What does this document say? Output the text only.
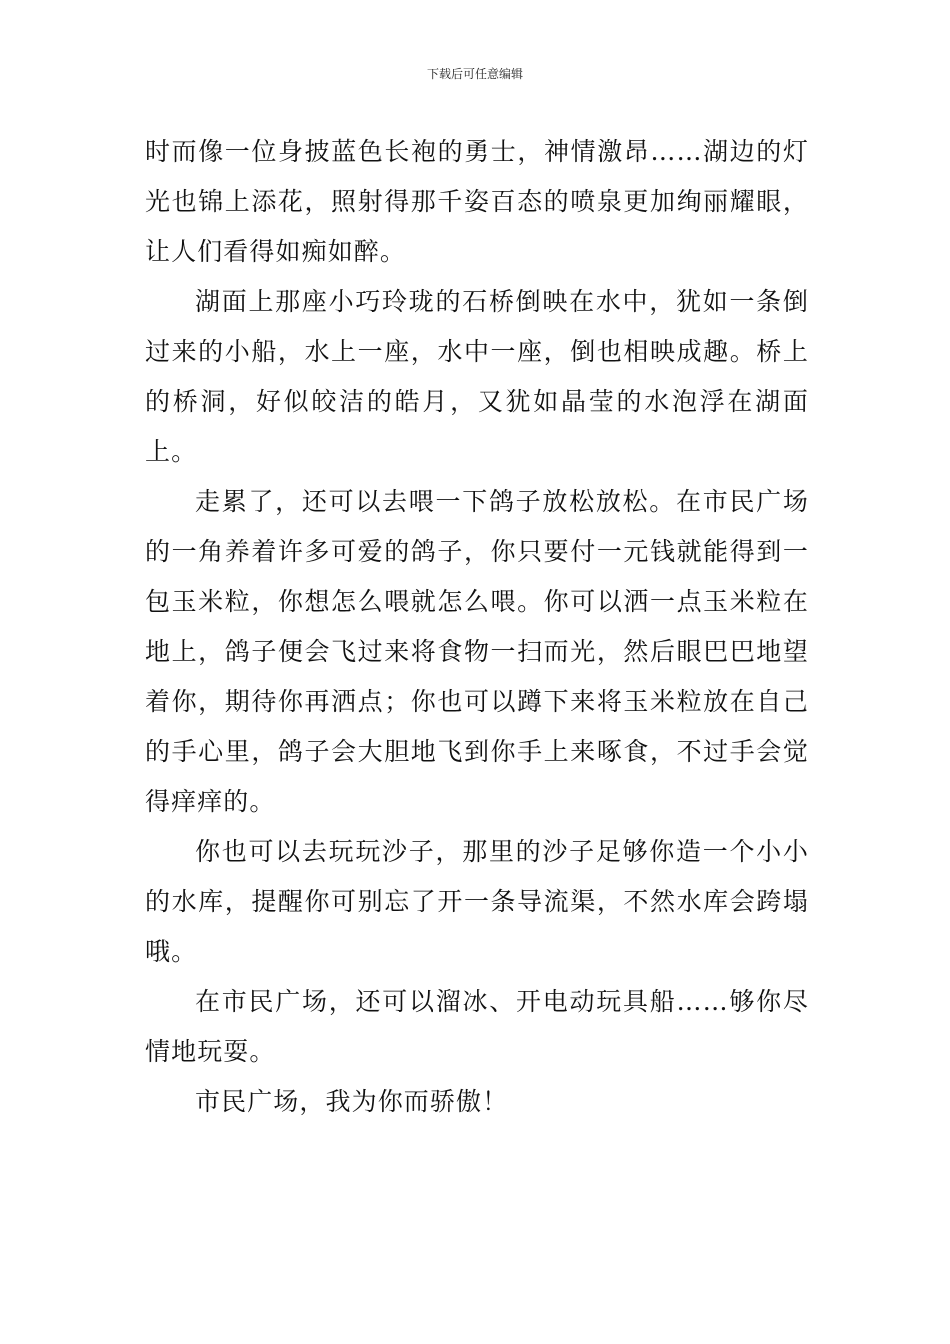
下载后可任意编辑

时而像一位身披蓝色长袍的勇士，神情激昂……湖边的灯光也锦上添花，照射得那千姿百态的喷泉更加绚丽耀眼，让人们看得如痴如醉。

湖面上那座小巧玲珑的石桥倒映在水中，犹如一条倒过来的小船，水上一座，水中一座，倒也相映成趣。桥上的桥洞，好似皎洁的皓月，又犹如晶莹的水泡浮在湖面上。

走累了，还可以去喂一下鸽子放松放松。在市民广场的一角养着许多可爱的鸽子，你只要付一元钱就能得到一包玉米粒，你想怎么喂就怎么喂。你可以洒一点玉米粒在地上，鸽子便会飞过来将食物一扫而光，然后眼巴巴地望着你，期待你再洒点；你也可以蹲下来将玉米粒放在自己的手心里，鸽子会大胆地飞到你手上来啄食，不过手会觉得痒痒的。

你也可以去玩玩沙子，那里的沙子足够你造一个小小的水库，提醒你可别忘了开一条导流渠，不然水库会跨塌哦。

在市民广场，还可以溜冰、开电动玩具船……够你尽情地玩耍。

市民广场，我为你而骄傲！
